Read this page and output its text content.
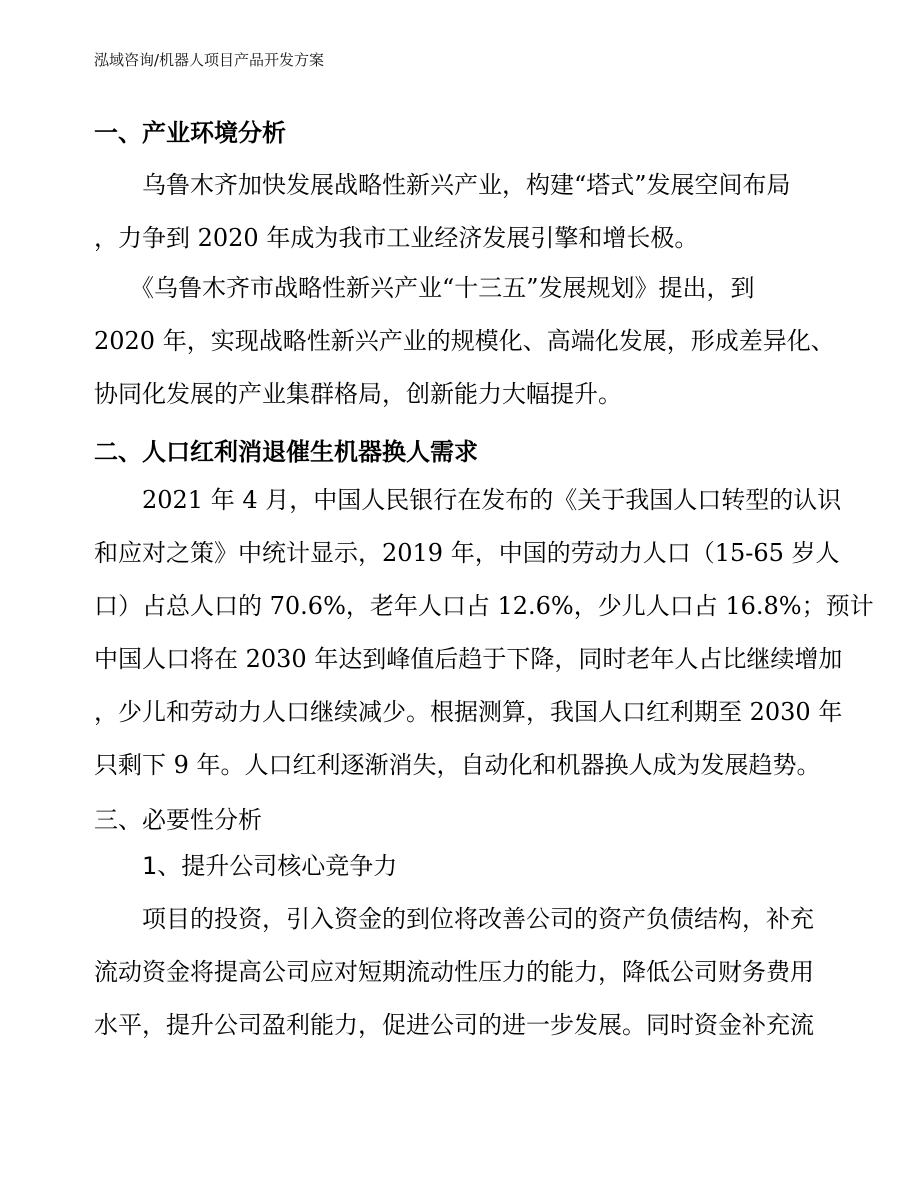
泓域咨询/机器人项目产品开发方案
一、产业环境分析
　　乌鲁木齐加快发展战略性新兴产业，构建“塔式”发展空间布局
，力争到 2020 年成为我市工业经济发展引擎和增长极。
　　《乌鲁木齐市战略性新兴产业“十三五”发展规划》提出，到
2020 年，实现战略性新兴产业的规模化、高端化发展，形成差异化、
协同化发展的产业集群格局，创新能力大幅提升。
二、人口红利消退催生机器换人需求
　　2021 年 4 月，中国人民银行在发布的《关于我国人口转型的认识
和应对之策》中统计显示，2019 年，中国的劳动力人口（15-65 岁人
口）占总人口的 70.6%，老年人口占 12.6%，少儿人口占 16.8%；预计
中国人口将在 2030 年达到峰值后趋于下降，同时老年人占比继续增加
，少儿和劳动力人口继续减少。根据测算，我国人口红利期至 2030 年
只剩下 9 年。人口红利逐渐消失，自动化和机器换人成为发展趋势。
三、必要性分析
　　1、提升公司核心竞争力
　　项目的投资，引入资金的到位将改善公司的资产负债结构，补充
流动资金将提高公司应对短期流动性压力的能力，降低公司财务费用
水平，提升公司盈利能力，促进公司的进一步发展。同时资金补充流
